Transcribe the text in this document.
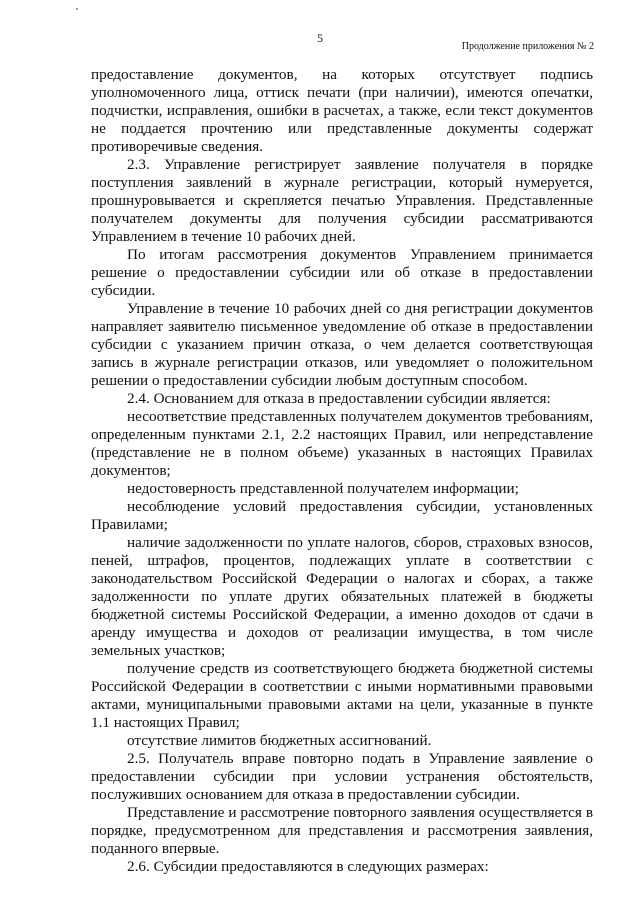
5
Продолжение приложения № 2

предоставление документов, на которых отсутствует подпись уполномоченного лица, оттиск печати (при наличии), имеются опечатки, подчистки, исправления, ошибки в расчетах, а также, если текст документов не поддается прочтению или представленные документы содержат противоречивые сведения.

2.3. Управление регистрирует заявление получателя в порядке поступления заявлений в журнале регистрации, который нумеруется, прошнуровывается и скрепляется печатью Управления. Представленные получателем документы для получения субсидии рассматриваются Управлением в течение 10 рабочих дней.

По итогам рассмотрения документов Управлением принимается решение о предоставлении субсидии или об отказе в предоставлении субсидии.

Управление в течение 10 рабочих дней со дня регистрации документов направляет заявителю письменное уведомление об отказе в предоставлении субсидии с указанием причин отказа, о чем делается соответствующая запись в журнале регистрации отказов, или уведомляет о положительном решении о предоставлении субсидии любым доступным способом.

2.4. Основанием для отказа в предоставлении субсидии является:

несоответствие представленных получателем документов требованиям, определенным пунктами 2.1, 2.2 настоящих Правил, или непредставление (представление не в полном объеме) указанных в настоящих Правилах документов;

недостоверность представленной получателем информации;

несоблюдение условий предоставления субсидии, установленных Правилами;

наличие задолженности по уплате налогов, сборов, страховых взносов, пеней, штрафов, процентов, подлежащих уплате в соответствии с законодательством Российской Федерации о налогах и сборах, а также задолженности по уплате других обязательных платежей в бюджеты бюджетной системы Российской Федерации, а именно доходов от сдачи в аренду имущества и доходов от реализации имущества, в том числе земельных участков;

получение средств из соответствующего бюджета бюджетной системы Российской Федерации в соответствии с иными нормативными правовыми актами, муниципальными правовыми актами на цели, указанные в пункте 1.1 настоящих Правил;

отсутствие лимитов бюджетных ассигнований.

2.5. Получатель вправе повторно подать в Управление заявление о предоставлении субсидии при условии устранения обстоятельств, послуживших основанием для отказа в предоставлении субсидии.

Представление и рассмотрение повторного заявления осуществляется в порядке, предусмотренном для представления и рассмотрения заявления, поданного впервые.

2.6. Субсидии предоставляются в следующих размерах:
